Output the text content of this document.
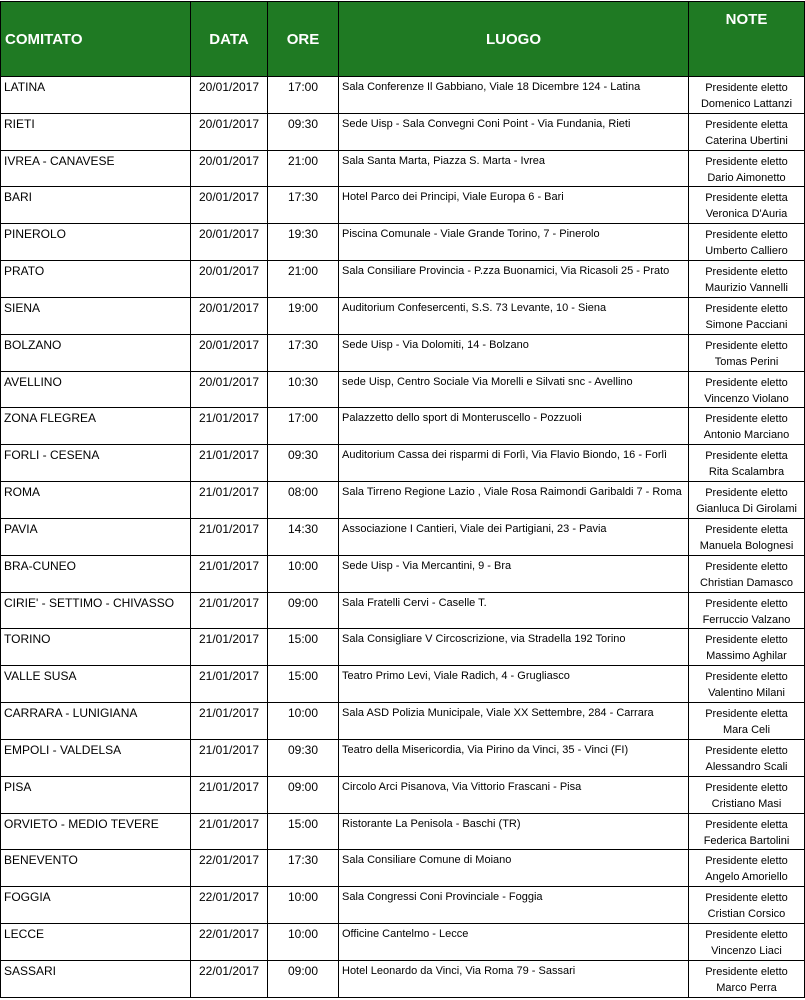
COMITATO	DATA	ORE	LUOGO	NOTE
LATINA	20/01/2017	17:00	Sala Conferenze Il Gabbiano, Viale 18 Dicembre 124 - Latina	Presidente eletto
Domenico Lattanzi

RIETI	20/01/2017	09:30	Sede Uisp - Sala Convegni Coni Point - Via Fundania, Rieti	Presidente eletta
Caterina Ubertini

IVREA - CANAVESE	20/01/2017	21:00	Sala Santa Marta, Piazza S. Marta - Ivrea	Presidente eletto
Dario Aimonetto

BARI	20/01/2017	17:30	Hotel Parco dei Principi, Viale Europa 6 - Bari	Presidente eletta
Veronica D'Auria

PINEROLO	20/01/2017	19:30	Piscina Comunale - Viale Grande Torino, 7 - Pinerolo	Presidente eletto
Umberto Calliero

PRATO	20/01/2017	21:00	Sala Consiliare Provincia - P.zza Buonamici, Via Ricasoli 25 - Prato	Presidente eletto
Maurizio Vannelli

SIENA	20/01/2017	19:00	Auditorium Confesercenti, S.S. 73 Levante, 10 - Siena	Presidente eletto
Simone Pacciani

BOLZANO	20/01/2017	17:30	Sede Uisp - Via Dolomiti, 14 - Bolzano	Presidente eletto
Tomas Perini

AVELLINO	20/01/2017	10:30	sede Uisp, Centro Sociale Via Morelli e Silvati snc - Avellino	Presidente eletto
Vincenzo Violano

ZONA FLEGREA	21/01/2017	17:00	Palazzetto dello sport di Monteruscello - Pozzuoli	Presidente eletto
Antonio Marciano

FORLI - CESENA	21/01/2017	09:30	Auditorium Cassa dei risparmi di Forlì, Via Flavio Biondo, 16 - Forlì	Presidente eletta
Rita Scalambra

ROMA	21/01/2017	08:00	Sala Tirreno Regione Lazio , Viale Rosa Raimondi Garibaldi 7 - Roma	Presidente eletto
Gianluca Di Girolami

PAVIA	21/01/2017	14:30	Associazione I Cantieri, Viale dei Partigiani, 23 - Pavia	Presidente eletta
Manuela Bolognesi

BRA-CUNEO	21/01/2017	10:00	Sede Uisp - Via Mercantini, 9 - Bra	Presidente eletto
Christian Damasco

CIRIE' - SETTIMO - CHIVASSO	21/01/2017	09:00	Sala Fratelli Cervi - Caselle T.	Presidente eletto
Ferruccio Valzano

TORINO	21/01/2017	15:00	Sala Consigliare V Circoscrizione, via Stradella 192 Torino	Presidente eletto
Massimo Aghilar

VALLE SUSA	21/01/2017	15:00	Teatro Primo Levi, Viale Radich, 4 - Grugliasco	Presidente eletto
Valentino Milani

CARRARA - LUNIGIANA	21/01/2017	10:00	Sala ASD Polizia Municipale, Viale XX Settembre, 284 - Carrara	Presidente eletta
Mara Celi

EMPOLI - VALDELSA	21/01/2017	09:30	Teatro della Misericordia, Via Pirino da Vinci, 35 - Vinci (FI)	Presidente eletto
Alessandro Scali

PISA	21/01/2017	09:00	Circolo Arci Pisanova, Via Vittorio Frascani - Pisa	Presidente eletto
Cristiano Masi

ORVIETO - MEDIO TEVERE	21/01/2017	15:00	Ristorante La Penisola - Baschi (TR)	Presidente eletta
Federica Bartolini

BENEVENTO	22/01/2017	17:30	Sala Consiliare Comune di Moiano	Presidente eletto
Angelo Amoriello

FOGGIA	22/01/2017	10:00	Sala Congressi Coni Provinciale - Foggia	Presidente eletto
Cristian Corsico

LECCE	22/01/2017	10:00	Officine Cantelmo - Lecce	Presidente eletto
Vincenzo Liaci

SASSARI	22/01/2017	09:00	Hotel Leonardo da Vinci, Via Roma 79 - Sassari	Presidente eletto
Marco Perra
